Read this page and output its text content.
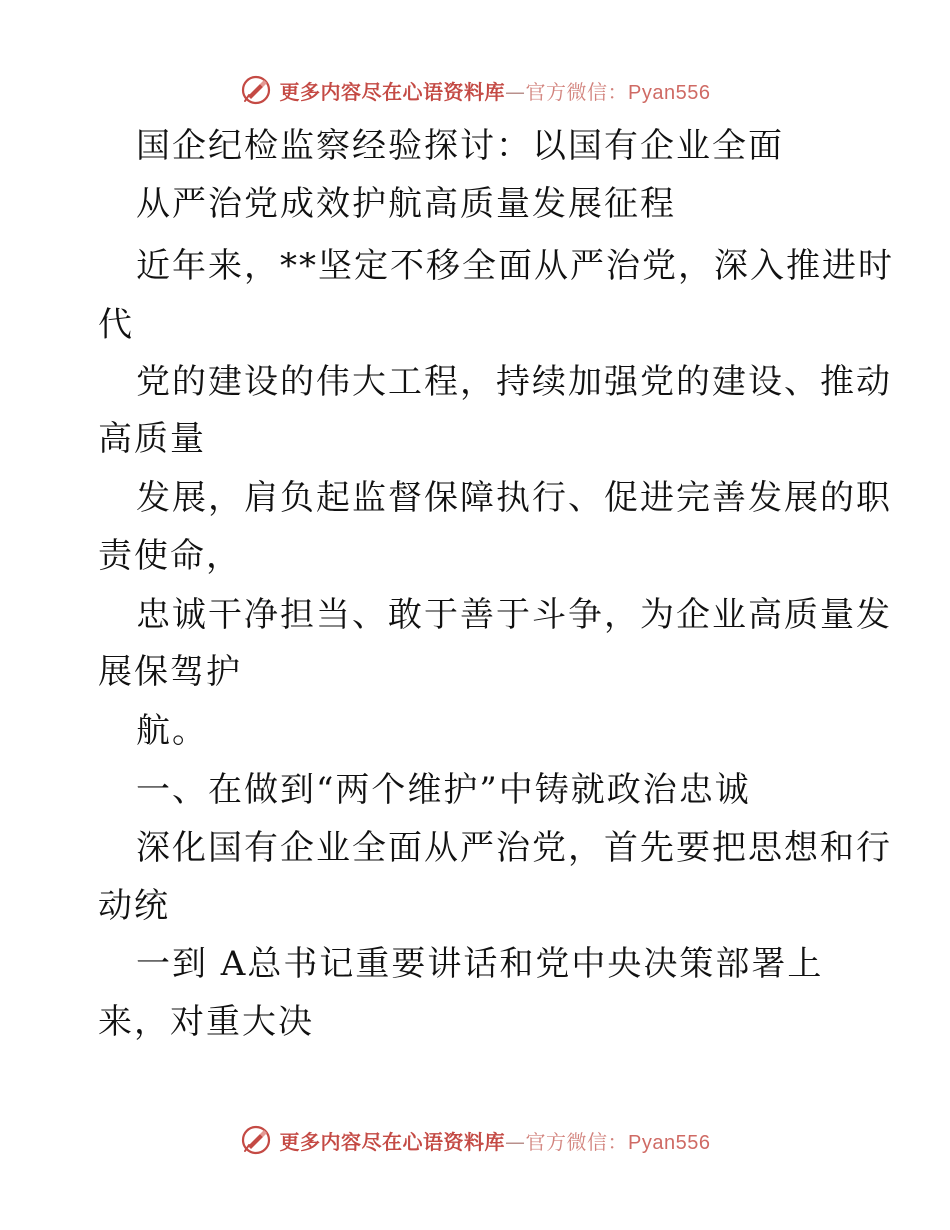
更多内容尽在心语资料库—官方微信：Pyan556
国企纪检监察经验探讨：以国有企业全面
从严治党成效护航高质量发展征程
近年来，**坚定不移全面从严治党，深入推进时
代
党的建设的伟大工程，持续加强党的建设、推动
高质量
发展，肩负起监督保障执行、促进完善发展的职
责使命，
忠诚干净担当、敢于善于斗争，为企业高质量发
展保驾护
航。
一、在做到“两个维护”中铸就政治忠诚
深化国有企业全面从严治党，首先要把思想和行
动统
一到 A总书记重要讲话和党中央决策部署上
来，对重大决
更多内容尽在心语资料库—官方微信：Pyan556
